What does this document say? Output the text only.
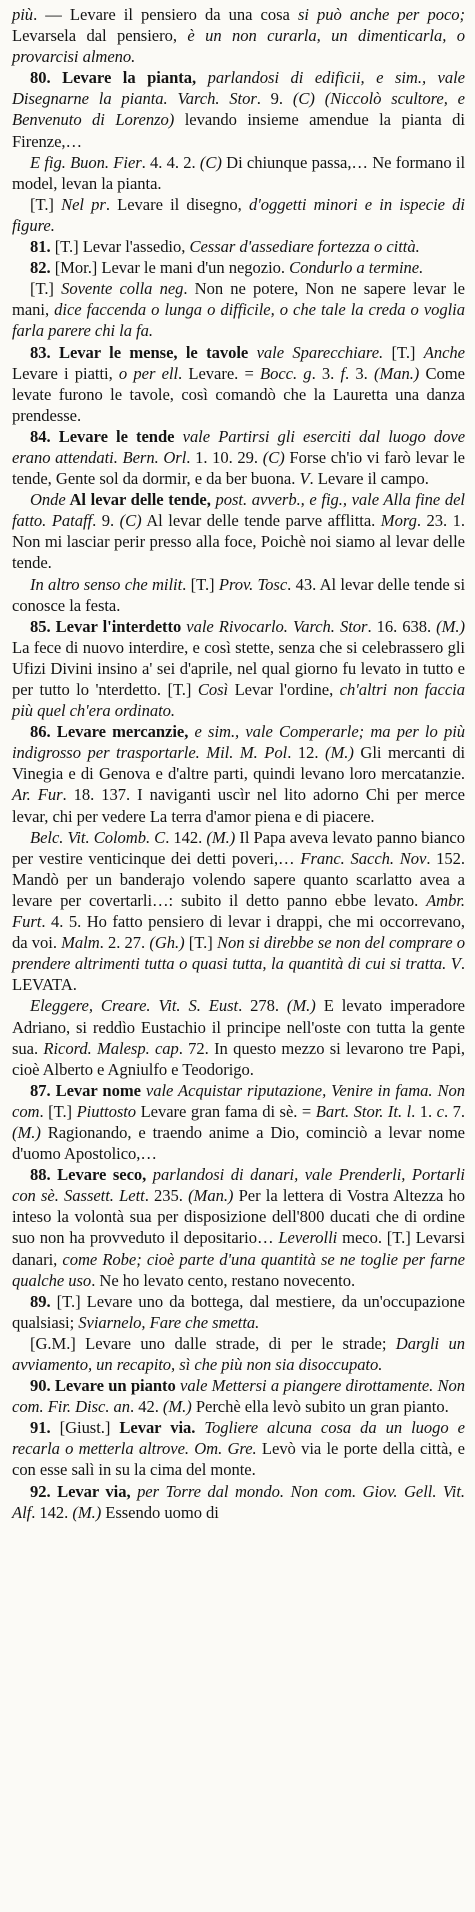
più. — Levare il pensiero da una cosa si può anche per poco; Levarsela dal pensiero, è un non curarla, un dimenticarla, o provarcisi almeno.

80. Levare la pianta, parlandosi di edificii, e sim., vale Disegnarne la pianta. Varch. Stor. 9. (C) (Niccolò scultore, e Benvenuto di Lorenzo) levando insieme amendue la pianta di Firenze,…

E fig. Buon. Fier. 4. 4. 2. (C) Di chiunque passa,… Ne formano il model, levan la pianta.

[T.] Nel pr. Levare il disegno, d'oggetti minori e in ispecie di figure.

81. [T.] Levar l'assedio, Cessar d'assediare fortezza o città.

82. [Mor.] Levar le mani d'un negozio. Condurlo a termine.

[T.] Sovente colla neg. Non ne potere, Non ne sapere levar le mani, dice faccenda o lunga o difficile, o che tale la creda o voglia farla parere chi la fa.

83. Levar le mense, le tavole vale Sparecchiare. [T.] Anche Levare i piatti, o per ell. Levare. = Bocc. g. 3. f. 3. (Man.) Come levate furono le tavole, così comandò che la Lauretta una danza prendesse.

84. Levare le tende vale Partirsi gli eserciti dal luogo dove erano attendati. Bern. Orl. 1. 10. 29. (C) Forse ch'io vi farò levar le tende, Gente sol da dormir, e da ber buona. V. Levare il campo.

Onde Al levar delle tende, post. avverb., e fig., vale Alla fine del fatto. Pataff. 9. (C) Al levar delle tende parve afflitta. Morg. 23. 1. Non mi lasciar perir presso alla foce, Poichè noi siamo al levar delle tende.

In altro senso che milit. [T.] Prov. Tosc. 43. Al levar delle tende si conosce la festa.

85. Levar l'interdetto vale Rivocarlo. Varch. Stor. 16. 638. (M.) La fece di nuovo interdire, e così stette, senza che si celebrassero gli Ufizi Divini insino a' sei d'aprile, nel qual giorno fu levato in tutto e per tutto lo 'nterdetto. [T.] Così Levar l'ordine, ch'altri non faccia più quel ch'era ordinato.

86. Levare mercanzie, e sim., vale Comperarle; ma per lo più indigrosso per trasportarle. Mil. M. Pol. 12. (M.) Gli mercanti di Vinegia e di Genova e d'altre parti, quindi levano loro mercatanzie. Ar. Fur. 18. 137. I naviganti uscìr nel lito adorno Chi per merce levar, chi per vedere La terra d'amor piena e di piacere.

Belc. Vit. Colomb. C. 142. (M.) Il Papa aveva levato panno bianco per vestire venticinque dei detti poveri,… Franc. Sacch. Nov. 152. Mandò per un banderajo volendo sapere quanto scarlatto avea a levare per covertarli…: subito il detto panno ebbe levato. Ambr. Furt. 4. 5. Ho fatto pensiero di levar i drappi, che mi occorrevano, da voi. Malm. 2. 27. (Gh.) [T.] Non si direbbe se non del comprare o prendere altrimenti tutta o quasi tutta, la quantità di cui si tratta. V. LEVATA.

Eleggere, Creare. Vit. S. Eust. 278. (M.) E levato imperadore Adriano, si reddìo Eustachio il principe nell'oste con tutta la gente sua. Ricord. Malesp. cap. 72. In questo mezzo si levarono tre Papi, cioè Alberto e Agniulfo e Teodorigo.

87. Levar nome vale Acquistar riputazione, Venire in fama. Non com. [T.] Piuttosto Levare gran fama di sè. = Bart. Stor. It. l. 1. c. 7. (M.) Ragionando, e traendo anime a Dio, cominciò a levar nome d'uomo Apostolico,…

88. Levare seco, parlandosi di danari, vale Prenderli, Portarli con sè. Sassett. Lett. 235. (Man.) Per la lettera di Vostra Altezza ho inteso la volontà sua per disposizione dell'800 ducati che di ordine suo non ha provveduto il depositario… Leverolli meco. [T.] Levarsi danari, come Robe; cioè parte d'una quantità se ne toglie per farne qualche uso. Ne ho levato cento, restano novecento.

89. [T.] Levare uno da bottega, dal mestiere, da un'occupazione qualsiasi; Sviarnelo, Fare che smetta.

[G.M.] Levare uno dalle strade, di per le strade; Dargli un avviamento, un recapito, sì che più non sia disoccupato.

90. Levare un pianto vale Mettersi a piangere dirottamente. Non com. Fir. Disc. an. 42. (M.) Perchè ella levò subito un gran pianto.

91. [Giust.] Levar via. Togliere alcuna cosa da un luogo e recarla o metterla altrove. Om. Gre. Levò via le porte della città, e con esse salì in su la cima del monte.

92. Levar via, per Torre dal mondo. Non com. Giov. Gell. Vit. Alf. 142. (M.) Essendo uomo di
